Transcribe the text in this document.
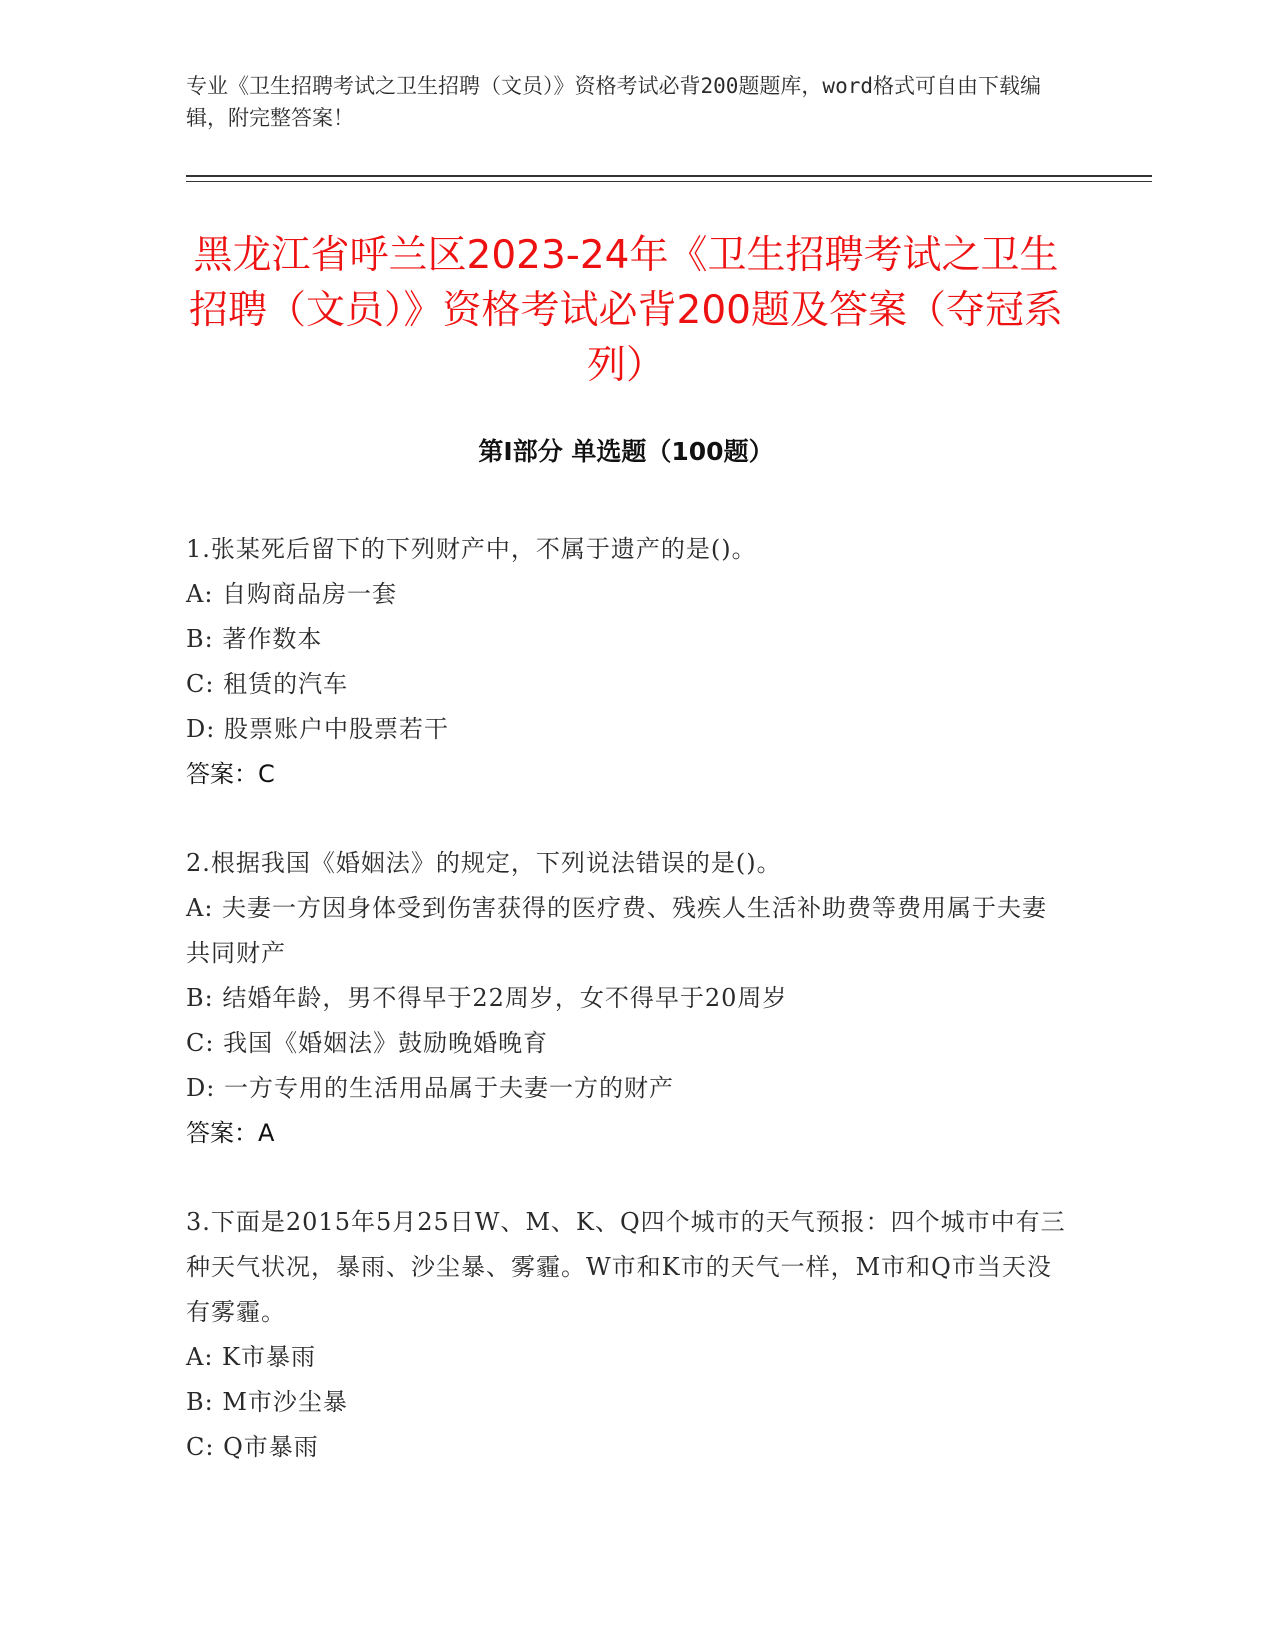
专业《卫生招聘考试之卫生招聘（文员）》资格考试必背200题题库，word格式可自由下载编辑，附完整答案！
黑龙江省呼兰区2023-24年《卫生招聘考试之卫生招聘（文员）》资格考试必背200题及答案（夺冠系列）
第I部分 单选题（100题）
1.张某死后留下的下列财产中，不属于遗产的是()。
A: 自购商品房一套
B: 著作数本
C: 租赁的汽车
D: 股票账户中股票若干
答案：C
2.根据我国《婚姻法》的规定，下列说法错误的是()。
A: 夫妻一方因身体受到伤害获得的医疗费、残疾人生活补助费等费用属于夫妻共同财产
B: 结婚年龄，男不得早于22周岁，女不得早于20周岁
C: 我国《婚姻法》鼓励晚婚晚育
D: 一方专用的生活用品属于夫妻一方的财产
答案：A
3.下面是2015年5月25日W、M、K、Q四个城市的天气预报：四个城市中有三种天气状况，暴雨、沙尘暴、雾霾。W市和K市的天气一样，M市和Q市当天没有雾霾。
A: K市暴雨
B: M市沙尘暴
C: Q市暴雨
